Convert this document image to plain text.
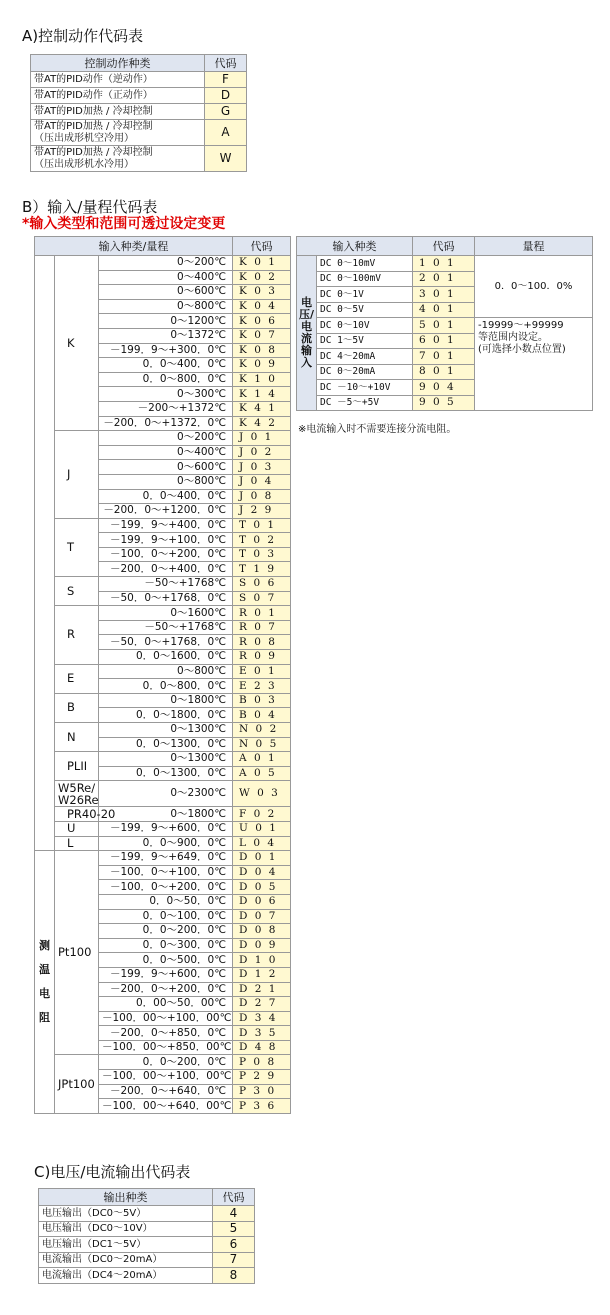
A)控制动作代码表
控制动作种类	代码
带AT的PID动作（逆动作）	F
带AT的PID动作（正动作）	D
带AT的PID加热 / 冷却控制	G
带AT的PID加热 / 冷却控制
（压出成形机空冷用）	A
带AT的PID加热 / 冷却控制
（压出成形机水冷用）	W
B）输入/量程代码表
*输入类型和范围可透过设定变更
输入种类/量程			代码
	K	0～200℃	K 0 1
		0～400℃	K 0 2
		0～600℃	K 0 3
		0～800℃	K 0 4
		0～1200℃	K 0 6
		0～1372℃	K 0 7
		－199．9～+300．0℃	K 0 8
		0．0～400．0℃	K 0 9
		0．0～800．0℃	K 1 0
		0～300℃	K 1 4
		－200～+1372℃	K 4 1
		－200．0～+1372．0℃	K 4 2
	J	0～200℃	J 0 1
		0～400℃	J 0 2
		0～600℃	J 0 3
		0～800℃	J 0 4
		0．0～400．0℃	J 0 8
		－200．0～+1200．0℃	J 2 9
	T	－199．9～+400．0℃	T 0 1
		－199．9～+100．0℃	T 0 2
		－100．0～+200．0℃	T 0 3
		－200．0～+400．0℃	T 1 9
	S	－50～+1768℃	S 0 6
		－50．0～+1768．0℃	S 0 7
	R	0～1600℃	R 0 1
		－50～+1768℃	R 0 7
		－50．0～+1768．0℃	R 0 8
		0．0～1600．0℃	R 0 9
	E	0～800℃	E 0 1
		0．0～800．0℃	E 2 3
	B	0～1800℃	B 0 3
		0．0～1800．0℃	B 0 4
	N	0～1300℃	N 0 2
		0．0～1300．0℃	N 0 5
	PLII	0～1300℃	A 0 1
		0．0～1300．0℃	A 0 5
	W5Re/
W26Re	0～2300℃	W 0 3
	PR40-20	0～1800℃	F 0 2
	U	－199．9～+600．0℃	U 0 1
	L	0．0～900．0℃	L 0 4
测温电阻	Pt100	－199．9～+649．0℃	D 0 1
		－100．0～+100．0℃	D 0 4
		－100．0～+200．0℃	D 0 5
		0．0～50．0℃	D 0 6
		0．0～100．0℃	D 0 7
		0．0～200．0℃	D 0 8
		0．0～300．0℃	D 0 9
		0．0～500．0℃	D 1 0
		－199．9～+600．0℃	D 1 2
		－200．0～+200．0℃	D 2 1
		0．00～50．00℃	D 2 7
		－100．00～+100．00℃	D 3 4
		－200．0～+850．0℃	D 3 5
		－100．00～+850．00℃	D 4 8
	JPt100	0．0～200．0℃	P 0 8
		－100．00～+100．00℃	P 2 9
		－200．0～+640．0℃	P 3 0
		－100．00～+640．00℃	P 3 6
输入种类		代码	量程
电压/电流输入	DC 0～10mV	1 0 1	0．0～100．0%
	DC 0～100mV	2 0 1	
	DC 0～1V	3 0 1	
	DC 0～5V	4 0 1	
	DC 0～10V	5 0 1	-19999～+99999
等范围内设定。
(可选择小数点位置)
	DC 1～5V	6 0 1	
	DC 4～20mA	7 0 1	
	DC 0～20mA	8 0 1	
	DC －10～+10V	9 0 4	
	DC －5～+5V	9 0 5	
※电流输入时不需要连接分流电阻。
C)电压/电流输出代码表
输出种类	代码
电压输出（DC0～5V）	4
电压输出（DC0～10V）	5
电压输出（DC1～5V）	6
电流输出（DC0～20mA）	7
电流输出（DC4～20mA）	8
